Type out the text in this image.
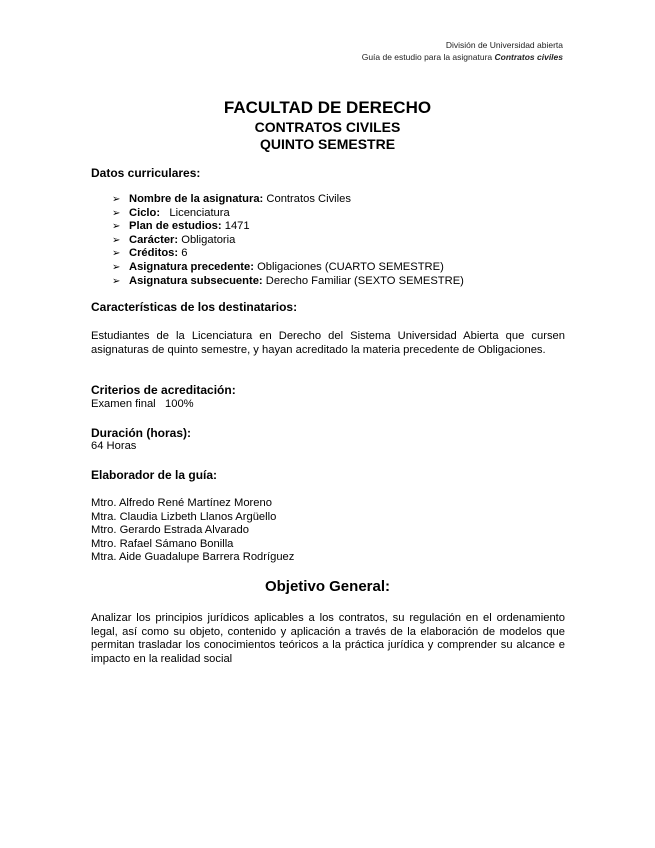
División de Universidad abierta
Guía de estudio para la asignatura Contratos civiles
FACULTAD DE DERECHO
CONTRATOS CIVILES
QUINTO SEMESTRE
Datos curriculares:
➢ Nombre de la asignatura: Contratos Civiles
➢ Ciclo:   Licenciatura
➢ Plan de estudios: 1471
➢ Carácter: Obligatoria
➢ Créditos: 6
➢ Asignatura precedente: Obligaciones (CUARTO SEMESTRE)
➢ Asignatura subsecuente: Derecho Familiar (SEXTO SEMESTRE)
Características de los destinatarios:
Estudiantes de la Licenciatura en Derecho del Sistema Universidad Abierta que cursen asignaturas de quinto semestre, y hayan acreditado la materia precedente de Obligaciones.
Criterios de acreditación:
Examen final   100%
Duración (horas):
64 Horas
Elaborador de la guía:
Mtro. Alfredo René Martínez Moreno
Mtra. Claudia Lizbeth Llanos Argüello
Mtro. Gerardo Estrada Alvarado
Mtro. Rafael Sámano Bonilla
Mtra. Aide Guadalupe Barrera Rodríguez
Objetivo General:
Analizar los principios jurídicos aplicables a los contratos, su regulación en el ordenamiento legal, así como su objeto, contenido y aplicación a través de la elaboración de modelos que permitan trasladar los conocimientos teóricos a la práctica jurídica y comprender su alcance e impacto en la realidad social
